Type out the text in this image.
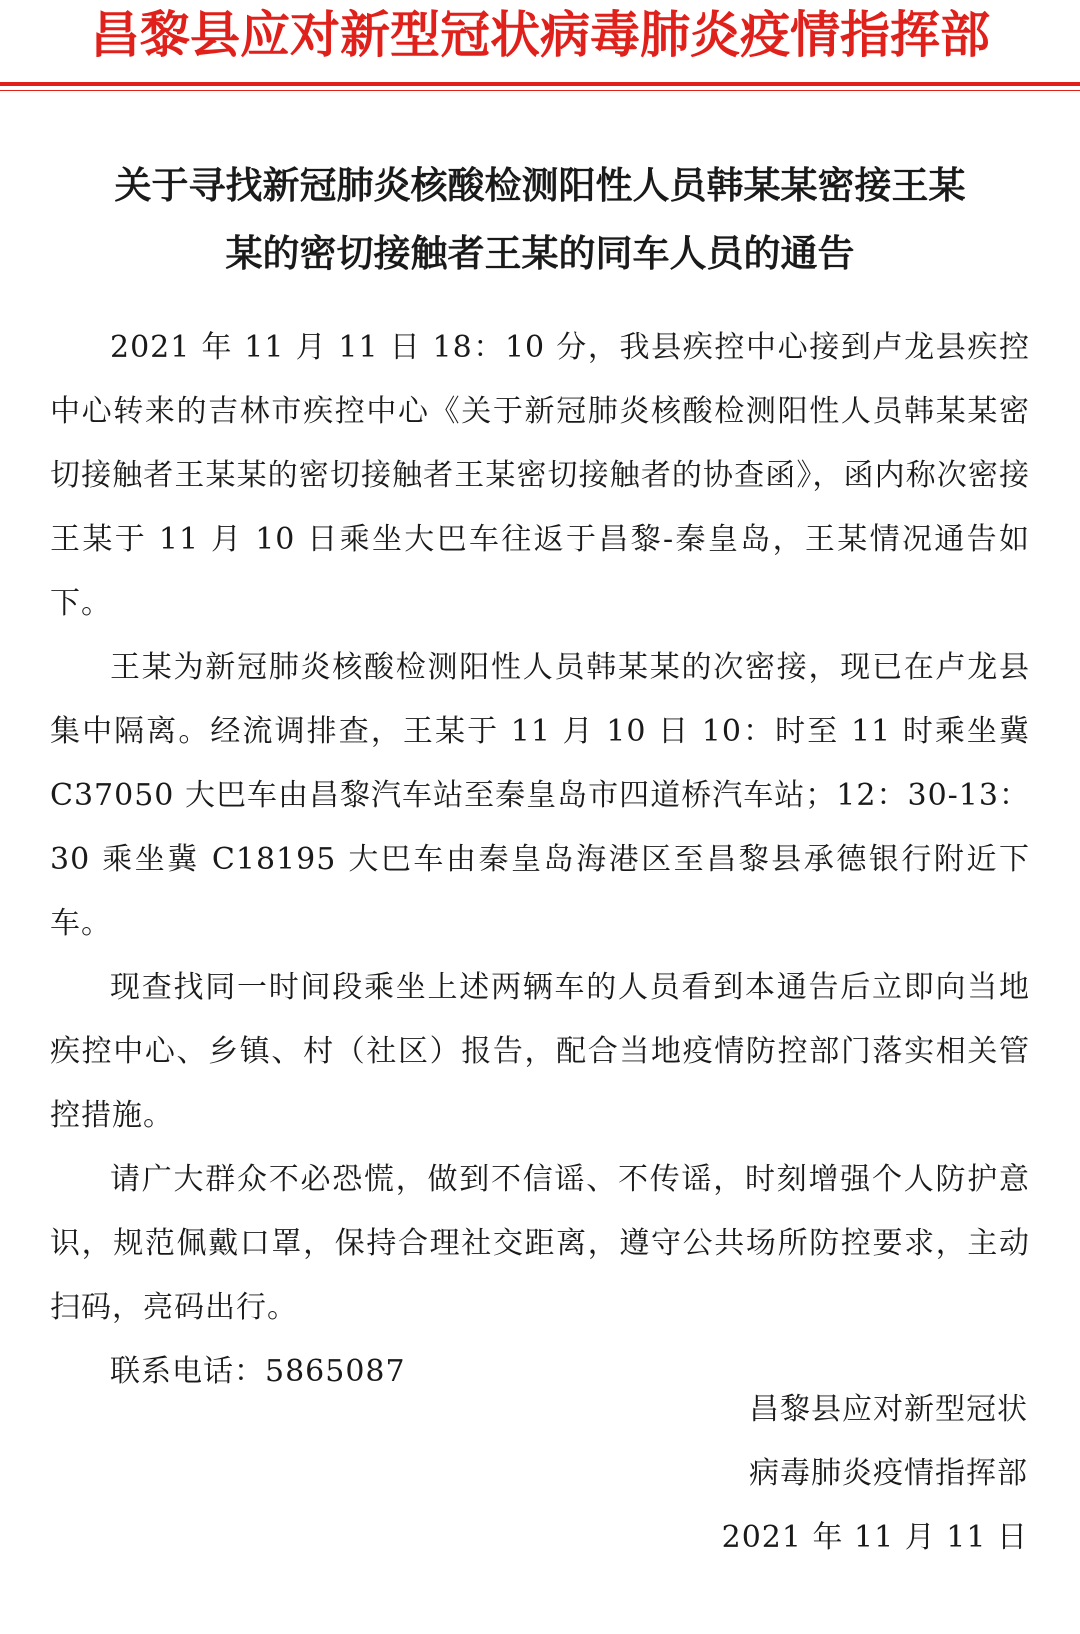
昌黎县应对新型冠状病毒肺炎疫情指挥部
关于寻找新冠肺炎核酸检测阳性人员韩某某密接王某
某的密切接触者王某的同车人员的通告

2021 年 11 月 11 日 18：10 分，我县疾控中心接到卢龙县疾控中心转来的吉林市疾控中心《关于新冠肺炎核酸检测阳性人员韩某某密切接触者王某某的密切接触者王某密切接触者的协查函》，函内称次密接王某于 11 月 10 日乘坐大巴车往返于昌黎-秦皇岛，王某情况通告如下。

王某为新冠肺炎核酸检测阳性人员韩某某的次密接，现已在卢龙县集中隔离。经流调排查，王某于 11 月 10 日 10：时至 11 时乘坐冀 C37050 大巴车由昌黎汽车站至秦皇岛市四道桥汽车站；12：30-13：30 乘坐冀 C18195 大巴车由秦皇岛海港区至昌黎县承德银行附近下车。

现查找同一时间段乘坐上述两辆车的人员看到本通告后立即向当地疾控中心、乡镇、村（社区）报告，配合当地疫情防控部门落实相关管控措施。

请广大群众不必恐慌，做到不信谣、不传谣，时刻增强个人防护意识，规范佩戴口罩，保持合理社交距离，遵守公共场所防控要求，主动扫码，亮码出行。

联系电话：5865087

昌黎县应对新型冠状
病毒肺炎疫情指挥部
2021 年 11 月 11 日
